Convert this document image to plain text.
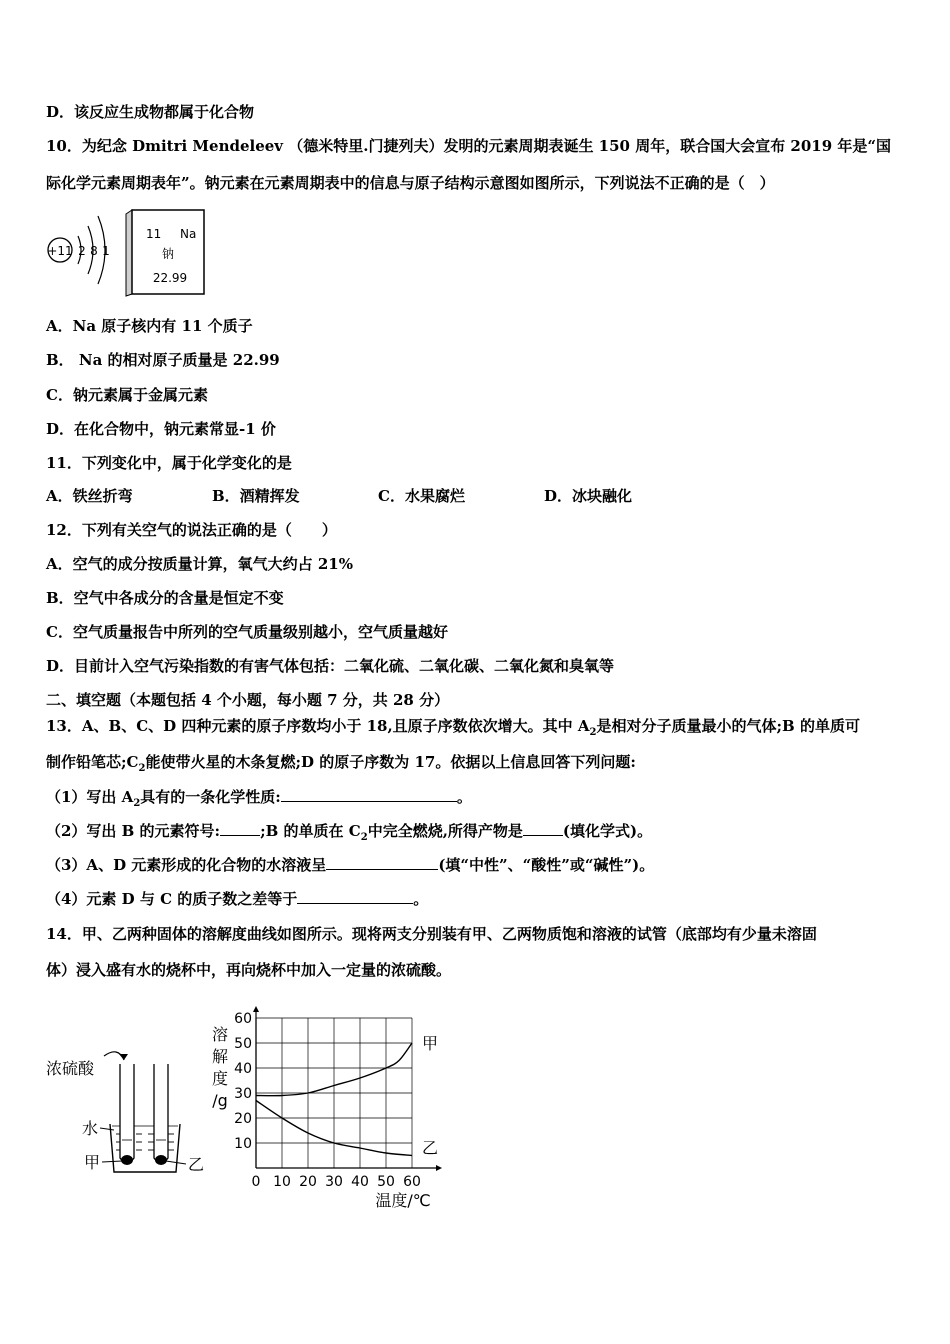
D．该反应生成物都属于化合物
10．为纪念 Dmitri Mendeleev （德米特里.门捷列夫）发明的元素周期表诞生 150 周年，联合国大会宣布 2019 年是“国
际化学元素周期表年”。钠元素在元素周期表中的信息与原子结构示意图如图所示，下列说法不正确的是（　）
+11 2 8 1
11 Na
钠
22.99
A．Na 原子核内有 11 个质子
B． Na 的相对原子质量是 22.99
C．钠元素属于金属元素
D．在化合物中，钠元素常显-1 价
11．下列变化中，属于化学变化的是
A．铁丝折弯	B．酒精挥发	C．水果腐烂	D．冰块融化
12．下列有关空气的说法正确的是（　　）
A．空气的成分按质量计算，氧气大约占 21%
B．空气中各成分的含量是恒定不变
C．空气质量报告中所列的空气质量级别越小，空气质量越好
D．目前计入空气污染指数的有害气体包括：二氧化硫、二氧化碳、二氧化氮和臭氧等
二、填空题（本题包括 4 个小题，每小题 7 分，共 28 分）
13．A、B、C、D 四种元素的原子序数均小于 18,且原子序数依次增大。其中 $A_2$是相对分子质量最小的气体;B 的单质可
制作铅笔芯$;C_2$能使带火星的木条复燃;D 的原子序数为 17。依据以上信息回答下列问题:
（1）写出 $A_2$具有的一条化学性质:	。
（2）写出 B 的元素符号:	;B 的单质在 $C_2$中完全燃烧,所得产物是	(填化学式)。
（3）A、D 元素形成的化合物的水溶液呈	(填“中性”、“酸性”或“碱性”)。
（4）元素 D 与 C 的质子数之差等于	。
14．甲、乙两种固体的溶解度曲线如图所示。现将两支分别装有甲、乙两物质饱和溶液的试管（底部均有少量未溶固
体）浸入盛有水的烧杯中，再向烧杯中加入一定量的浓硫酸。
浓硫酸
水
甲	乙
溶
解
度
/g
0 10 20 30 40 50 60
10
20
30
40
50
60
甲
乙
温度/℃
